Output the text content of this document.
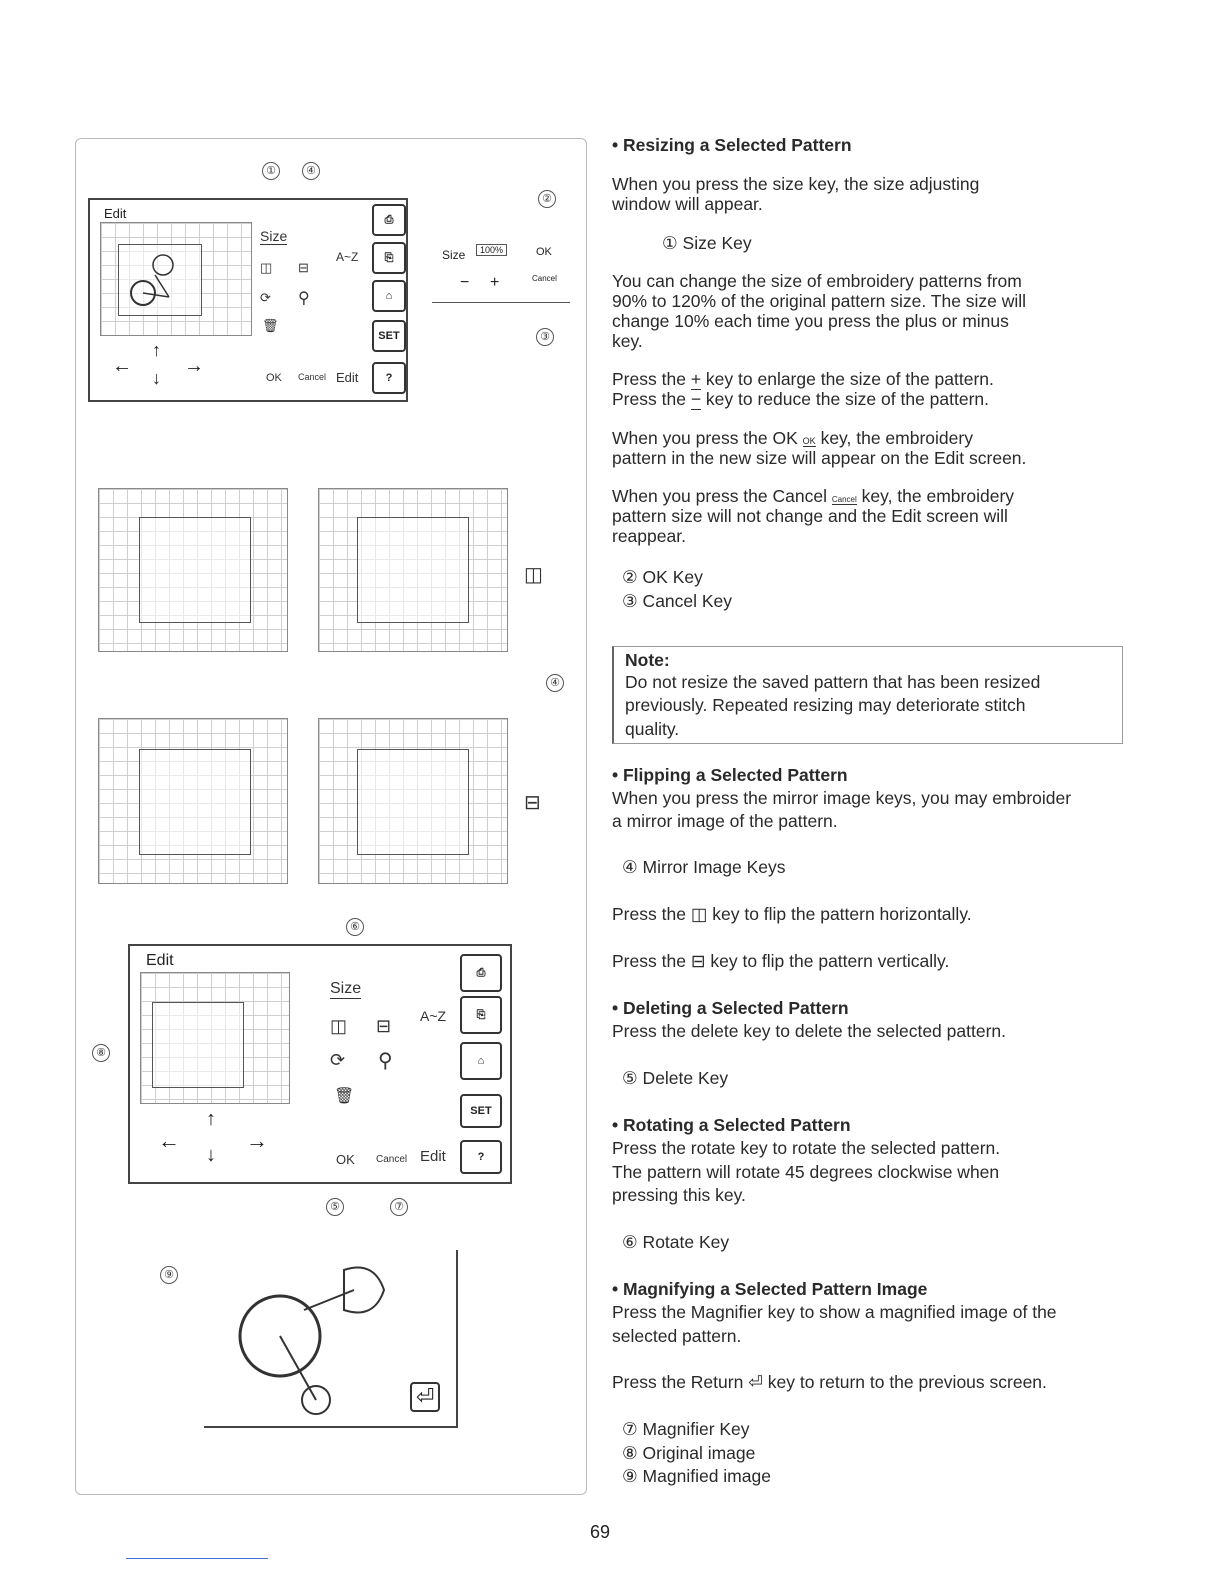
Edit
←
↑
→
↓
Size
◫ ⊟
⟳ ⚲
🗑
OK Cancel Edit
A~Z
⎙
⎘
⌂
SET
?
①	④
Size	100%
− +
OK
Cancel
②
③
◫
⊟
④
Edit
←
↑
→
↓
Size
◫ ⊟
⟳ ⚲
🗑
OK Cancel Edit
A~Z
⎙
⎘
⌂
SET
?
⑥
⑧
⑤	⑦
⏎
⑨
• Resizing a Selected Pattern
When you press the size key, the size adjusting
window will appear.
① Size Key
You can change the size of embroidery patterns from
90% to 120% of the original pattern size. The size will
change 10% each time you press the plus or minus
key.
Press the + key to enlarge the size of the pattern.
Press the − key to reduce the size of the pattern.
When you press the OK OK key, the embroidery
pattern in the new size will appear on the Edit screen.
When you press the Cancel Cancel key, the embroidery
pattern size will not change and the Edit screen will
reappear.
② OK Key
③ Cancel Key
Note:
Do not resize the saved pattern that has been resized
previously. Repeated resizing may deteriorate stitch
quality.
• Flipping a Selected Pattern
When you press the mirror image keys, you may embroider
a mirror image of the pattern.
④ Mirror Image Keys
Press the ◫ key to flip the pattern horizontally.
Press the ⊟ key to flip the pattern vertically.
• Deleting a Selected Pattern
Press the delete key to delete the selected pattern.
⑤ Delete Key
• Rotating a Selected Pattern
Press the rotate key to rotate the selected pattern.
The pattern will rotate 45 degrees clockwise when
pressing this key.
⑥ Rotate Key
• Magnifying a Selected Pattern Image
Press the Magnifier key to show a magnified image of the
selected pattern.
Press the Return ⏎ key to return to the previous screen.
⑦ Magnifier Key
⑧ Original image
⑨ Magnified image
69
